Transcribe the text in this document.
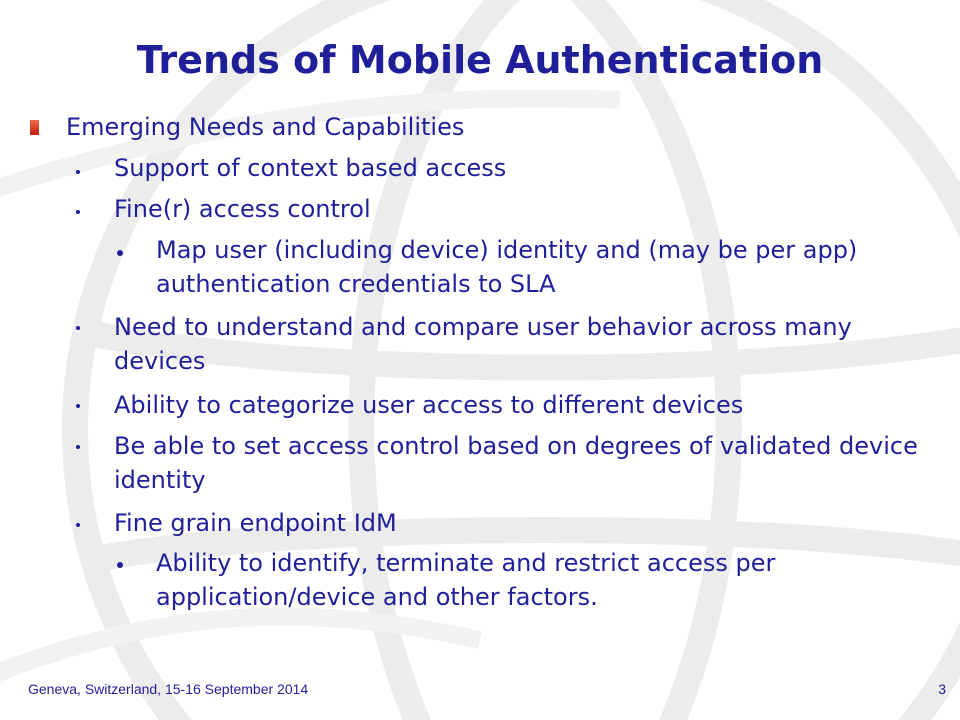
Trends of Mobile Authentication
Emerging Needs and Capabilities
Support of context based access
Fine(r) access control
Map user (including device) identity and (may be per app) authentication credentials to SLA
Need to understand and compare user behavior across many devices
Ability to categorize user access to different devices
Be able to set access control based on degrees of validated device identity
Fine grain endpoint IdM
Ability to identify, terminate and restrict access per application/device and other factors.
Geneva, Switzerland, 15-16 September 2014	3
